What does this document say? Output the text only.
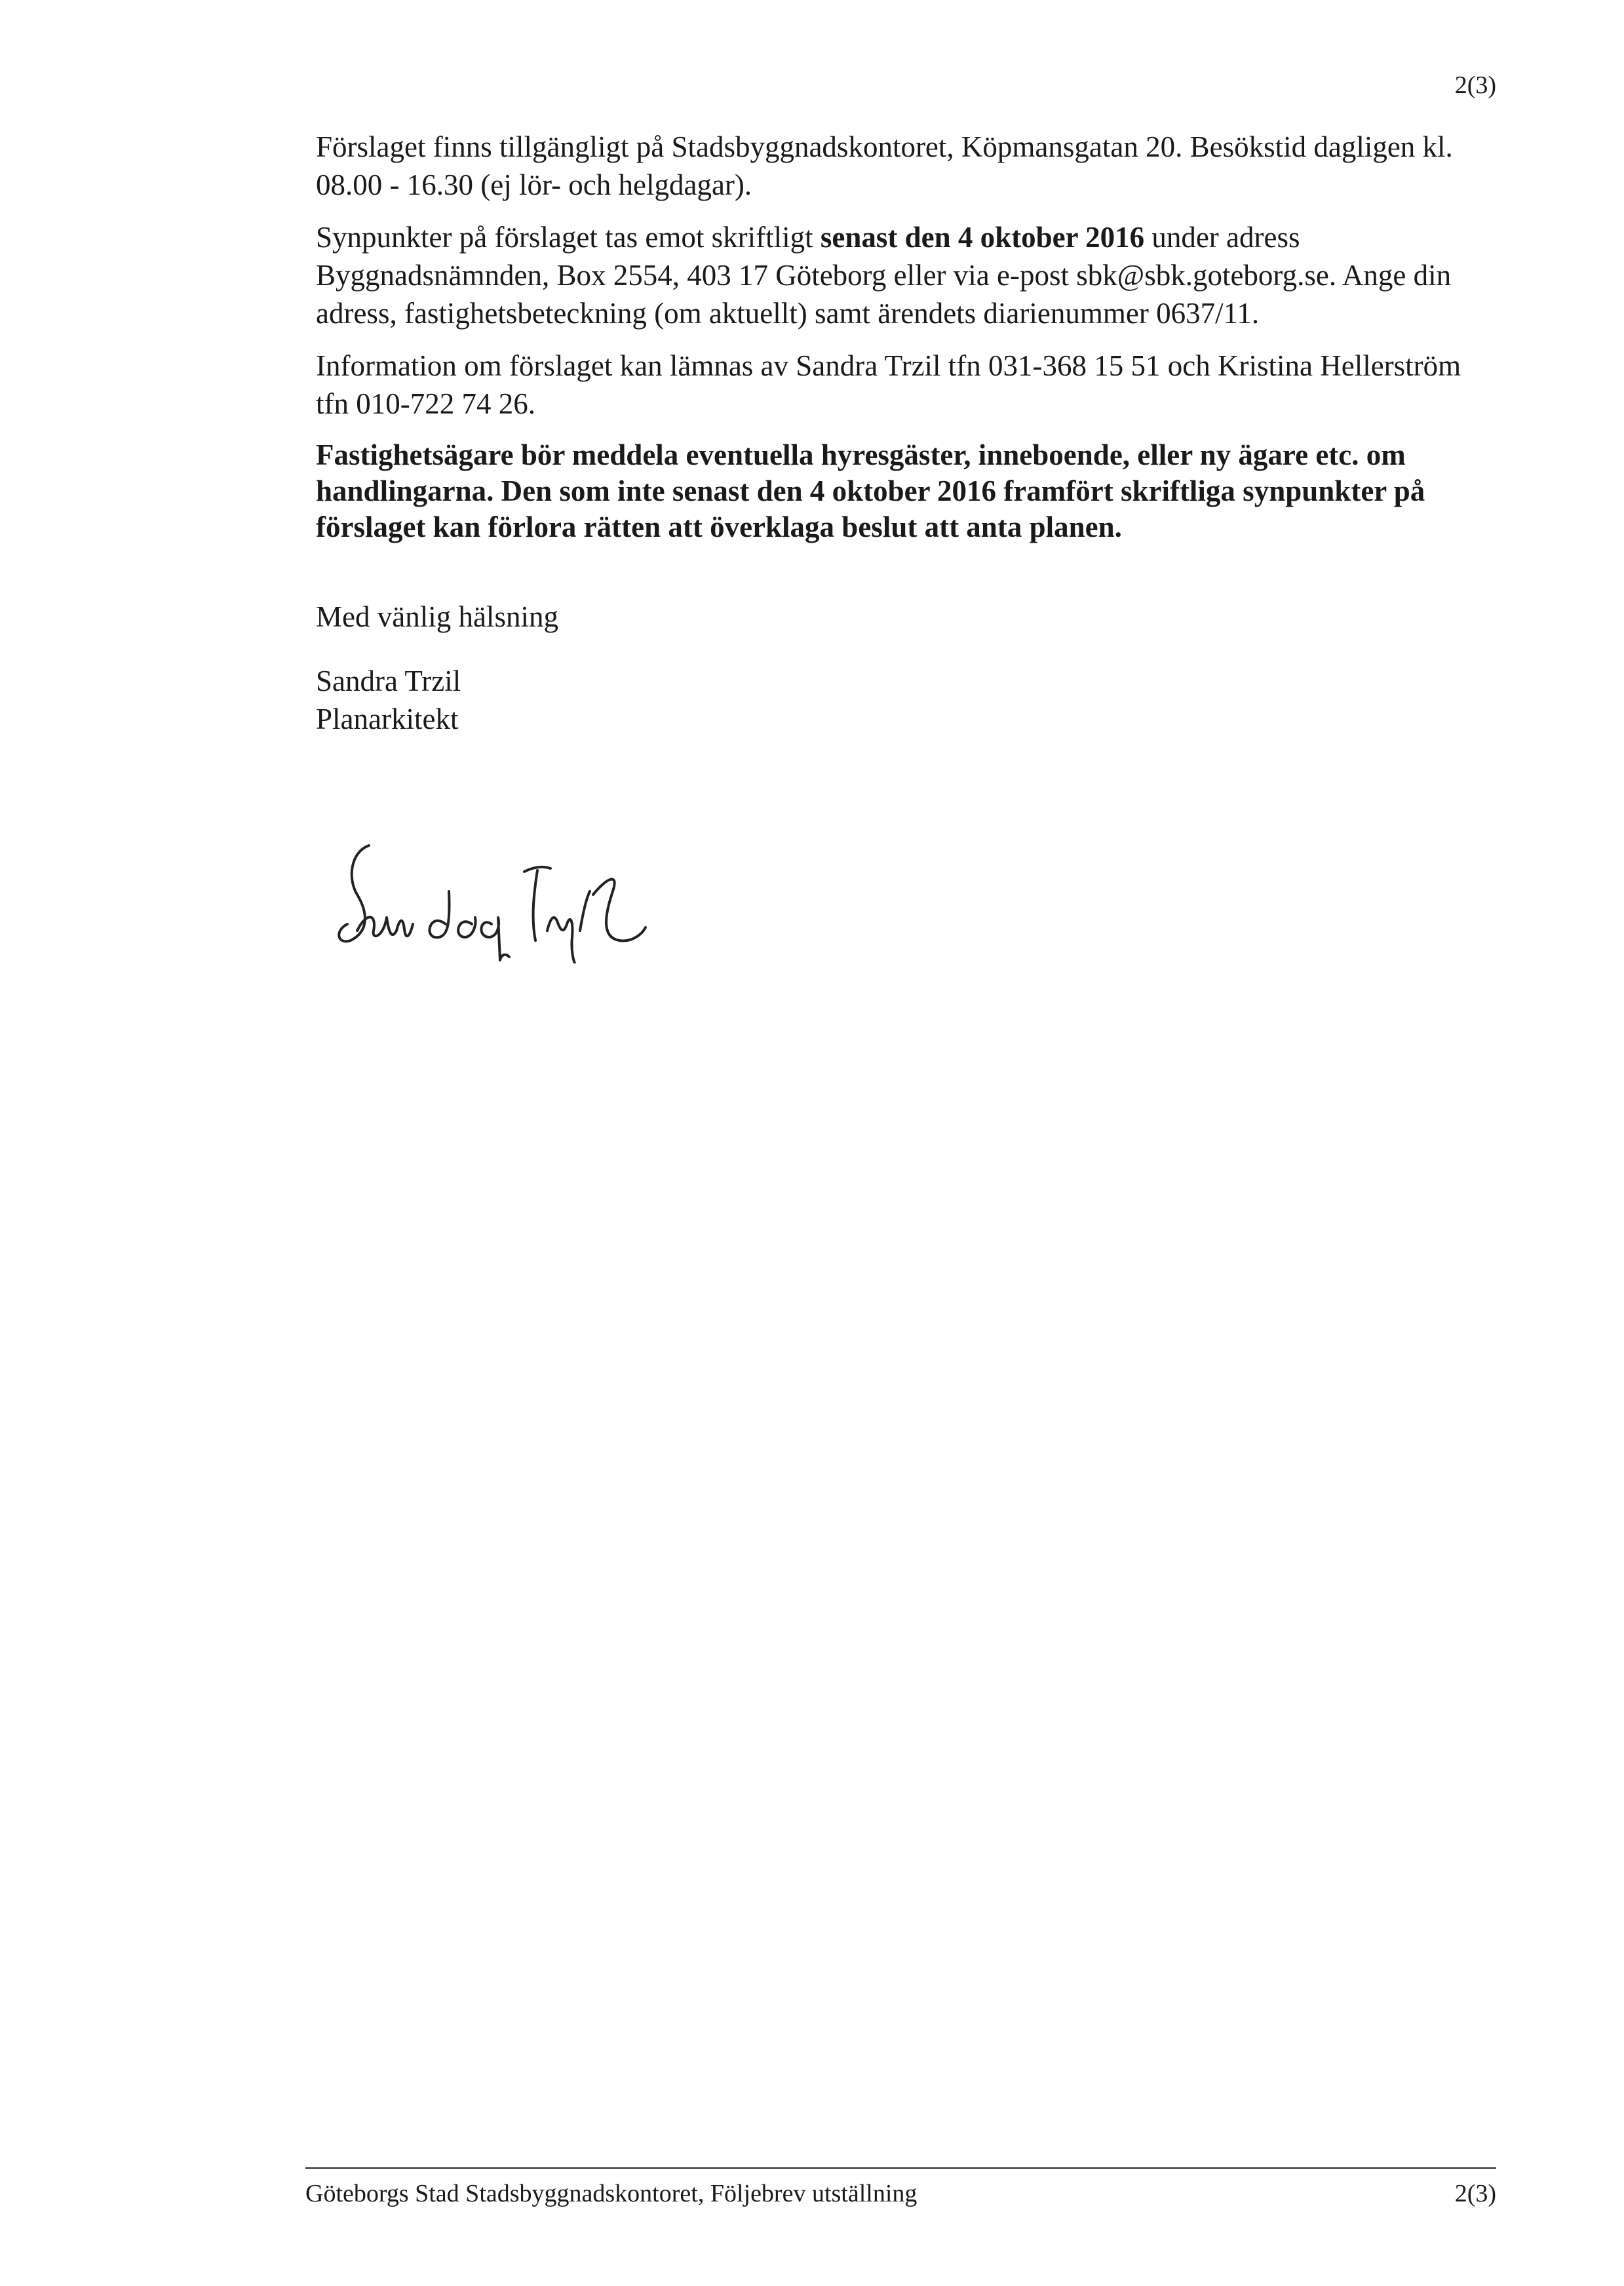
2(3)

Förslaget finns tillgängligt på Stadsbyggnadskontoret, Köpmansgatan 20. Besökstid dagligen kl. 08.00 - 16.30 (ej lör- och helgdagar).

Synpunkter på förslaget tas emot skriftligt senast den 4 oktober 2016 under adress Byggnadsnämnden, Box 2554, 403 17 Göteborg eller via e-post sbk@sbk.goteborg.se. Ange din adress, fastighetsbeteckning (om aktuellt) samt ärendets diarienummer 0637/11.

Information om förslaget kan lämnas av Sandra Trzil tfn 031-368 15 51 och Kristina Hellerström tfn 010-722 74 26.

Fastighetsägare bör meddela eventuella hyresgäster, inneboende, eller ny ägare etc. om handlingarna. Den som inte senast den 4 oktober 2016 framfört skriftliga synpunkter på förslaget kan förlora rätten att överklaga beslut att anta planen.

Med vänlig hälsning

Sandra Trzil

Planarkitekt

Göteborgs Stad Stadsbyggnadskontoret, Följebrev utställning	2(3)
